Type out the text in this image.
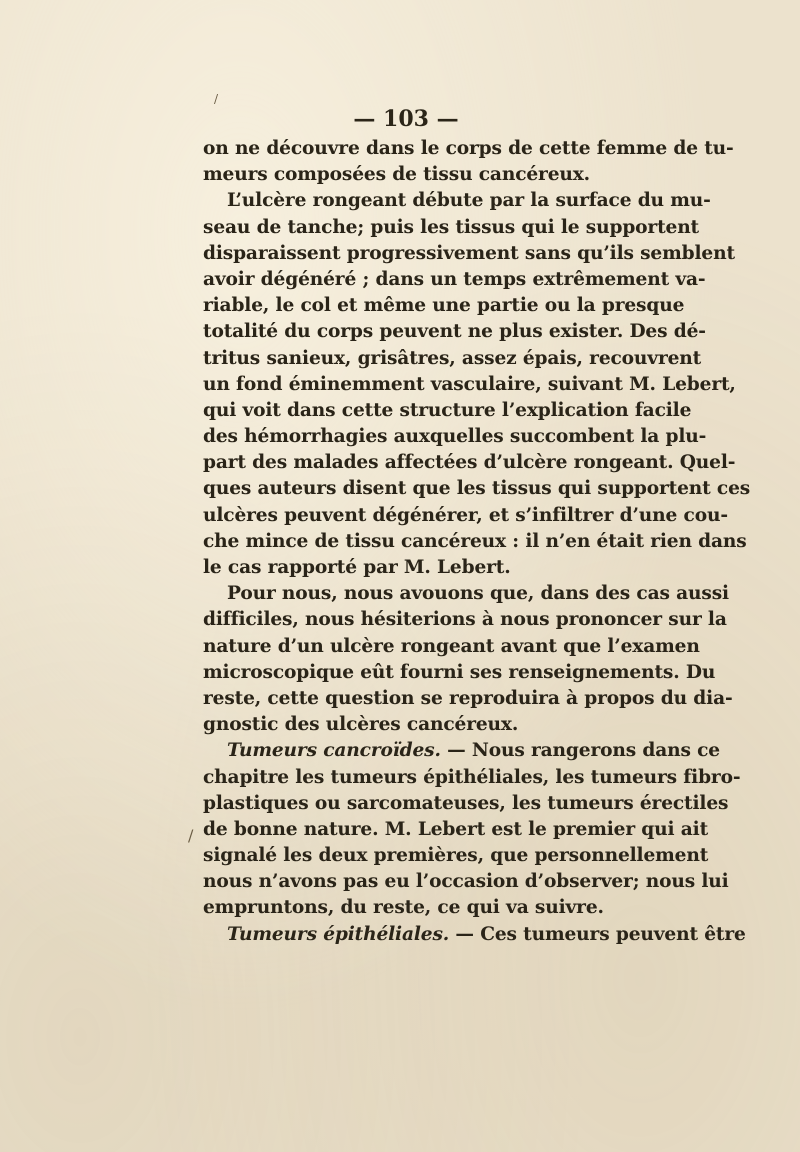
— 103 —
/
/
on ne découvre dans le corps de cette femme de tu-
meurs composées de tissu cancéreux.
L’ulcère rongeant débute par la surface du mu-
seau de tanche; puis les tissus qui le supportent
disparaissent progressivement sans qu’ils semblent
avoir dégénéré ; dans un temps extrêmement va-
riable, le col et même une partie ou la presque
totalité du corps peuvent ne plus exister. Des dé-
tritus sanieux, grisâtres, assez épais, recouvrent
un fond éminemment vasculaire, suivant M. Lebert,
qui voit dans cette structure l’explication facile
des hémorrhagies auxquelles succombent la plu-
part des malades affectées d’ulcère rongeant. Quel-
ques auteurs disent que les tissus qui supportent ces
ulcères peuvent dégénérer, et s’infiltrer d’une cou-
che mince de tissu cancéreux : il n’en était rien dans
le cas rapporté par M. Lebert.
Pour nous, nous avouons que, dans des cas aussi
difficiles, nous hésiterions à nous prononcer sur la
nature d’un ulcère rongeant avant que l’examen
microscopique eût fourni ses renseignements. Du
reste, cette question se reproduira à propos du dia-
gnostic des ulcères cancéreux.
Tumeurs cancroïdes. — Nous rangerons dans ce
chapitre les tumeurs épithéliales, les tumeurs fibro-
plastiques ou sarcomateuses, les tumeurs érectiles
de bonne nature. M. Lebert est le premier qui ait
signalé les deux premières, que personnellement
nous n’avons pas eu l’occasion d’observer; nous lui
empruntons, du reste, ce qui va suivre.
Tumeurs épithéliales. — Ces tumeurs peuvent être
